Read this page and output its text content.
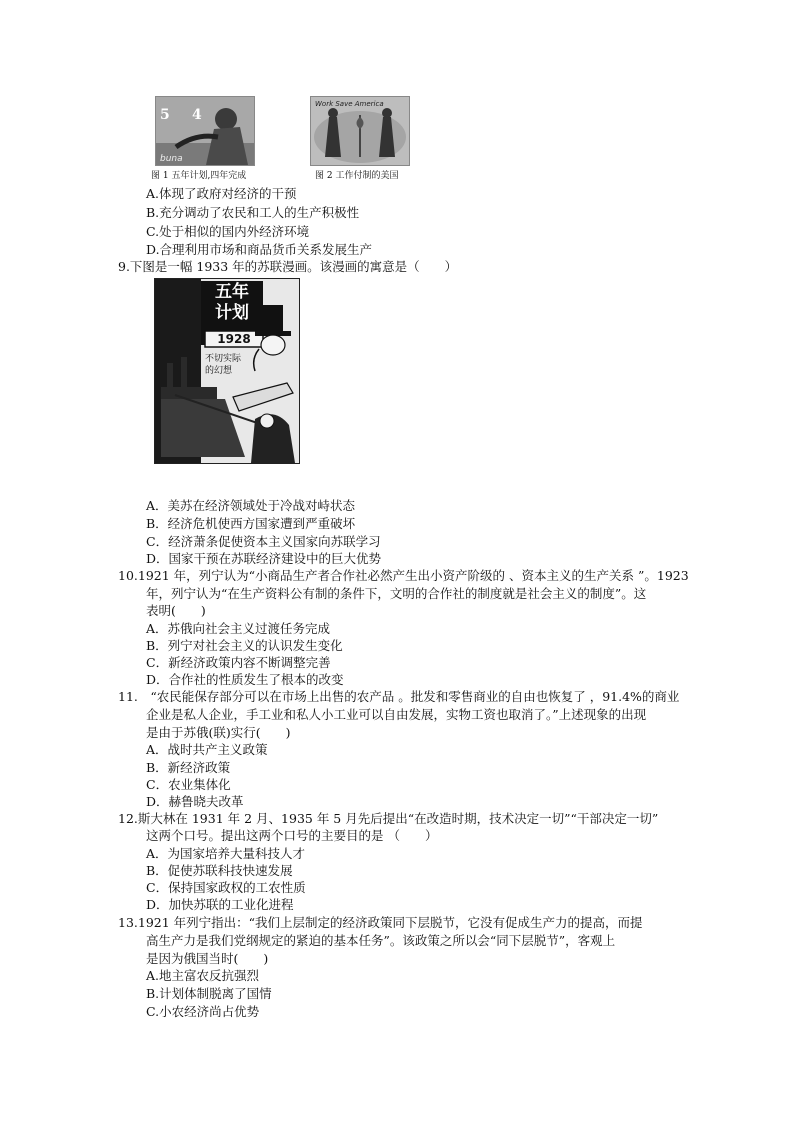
5 4
buna
图 1 五年计划,四年完成
Work Save America
图 2 工作付制的美国
A.体现了政府对经济的干预
B.充分调动了农民和工人的生产积极性
C.处于相似的国内外经济环境
D.合理利用市场和商品货币关系发展生产
9.下图是一幅 1933 年的苏联漫画。该漫画的寓意是（　　）
五年
计划
1928
不切实际的幻想
A．美苏在经济领域处于冷战对峙状态
B．经济危机使西方国家遭到严重破坏
C．经济萧条促使资本主义国家向苏联学习
D．国家干预在苏联经济建设中的巨大优势
10.1921 年，列宁认为“小商品生产者合作社必然产生出小资产阶级的 、资本主义的生产关系 ”。1923
年，列宁认为“在生产资料公有制的条件下，文明的合作社的制度就是社会主义的制度”。这
表明(　　)
A．苏俄向社会主义过渡任务完成
B．列宁对社会主义的认识发生变化
C．新经济政策内容不断调整完善
D．合作社的性质发生了根本的改变
11.　“农民能保存部分可以在市场上出售的农产品 。批发和零售商业的自由也恢复了 ，91.4%的商业
企业是私人企业，手工业和私人小工业可以自由发展，实物工资也取消了。”上述现象的出现
是由于苏俄(联)实行(　　)
A．战时共产主义政策
B．新经济政策
C．农业集体化
D．赫鲁晓夫改革
12.斯大林在 1931 年 2 月、1935 年 5 月先后提出“在改造时期，技术决定一切”“干部决定一切”
这两个口号。提出这两个口号的主要目的是 （　　）
A．为国家培养大量科技人才
B．促使苏联科技快速发展
C．保持国家政权的工农性质
D．加快苏联的工业化进程
13.1921 年列宁指出：“我们上层制定的经济政策同下层脱节，它没有促成生产力的提高，而提
高生产力是我们党纲规定的紧迫的基本任务”。该政策之所以会“同下层脱节”，客观上
是因为俄国当时(　　)
A.地主富农反抗强烈
B.计划体制脱离了国情
C.小农经济尚占优势
